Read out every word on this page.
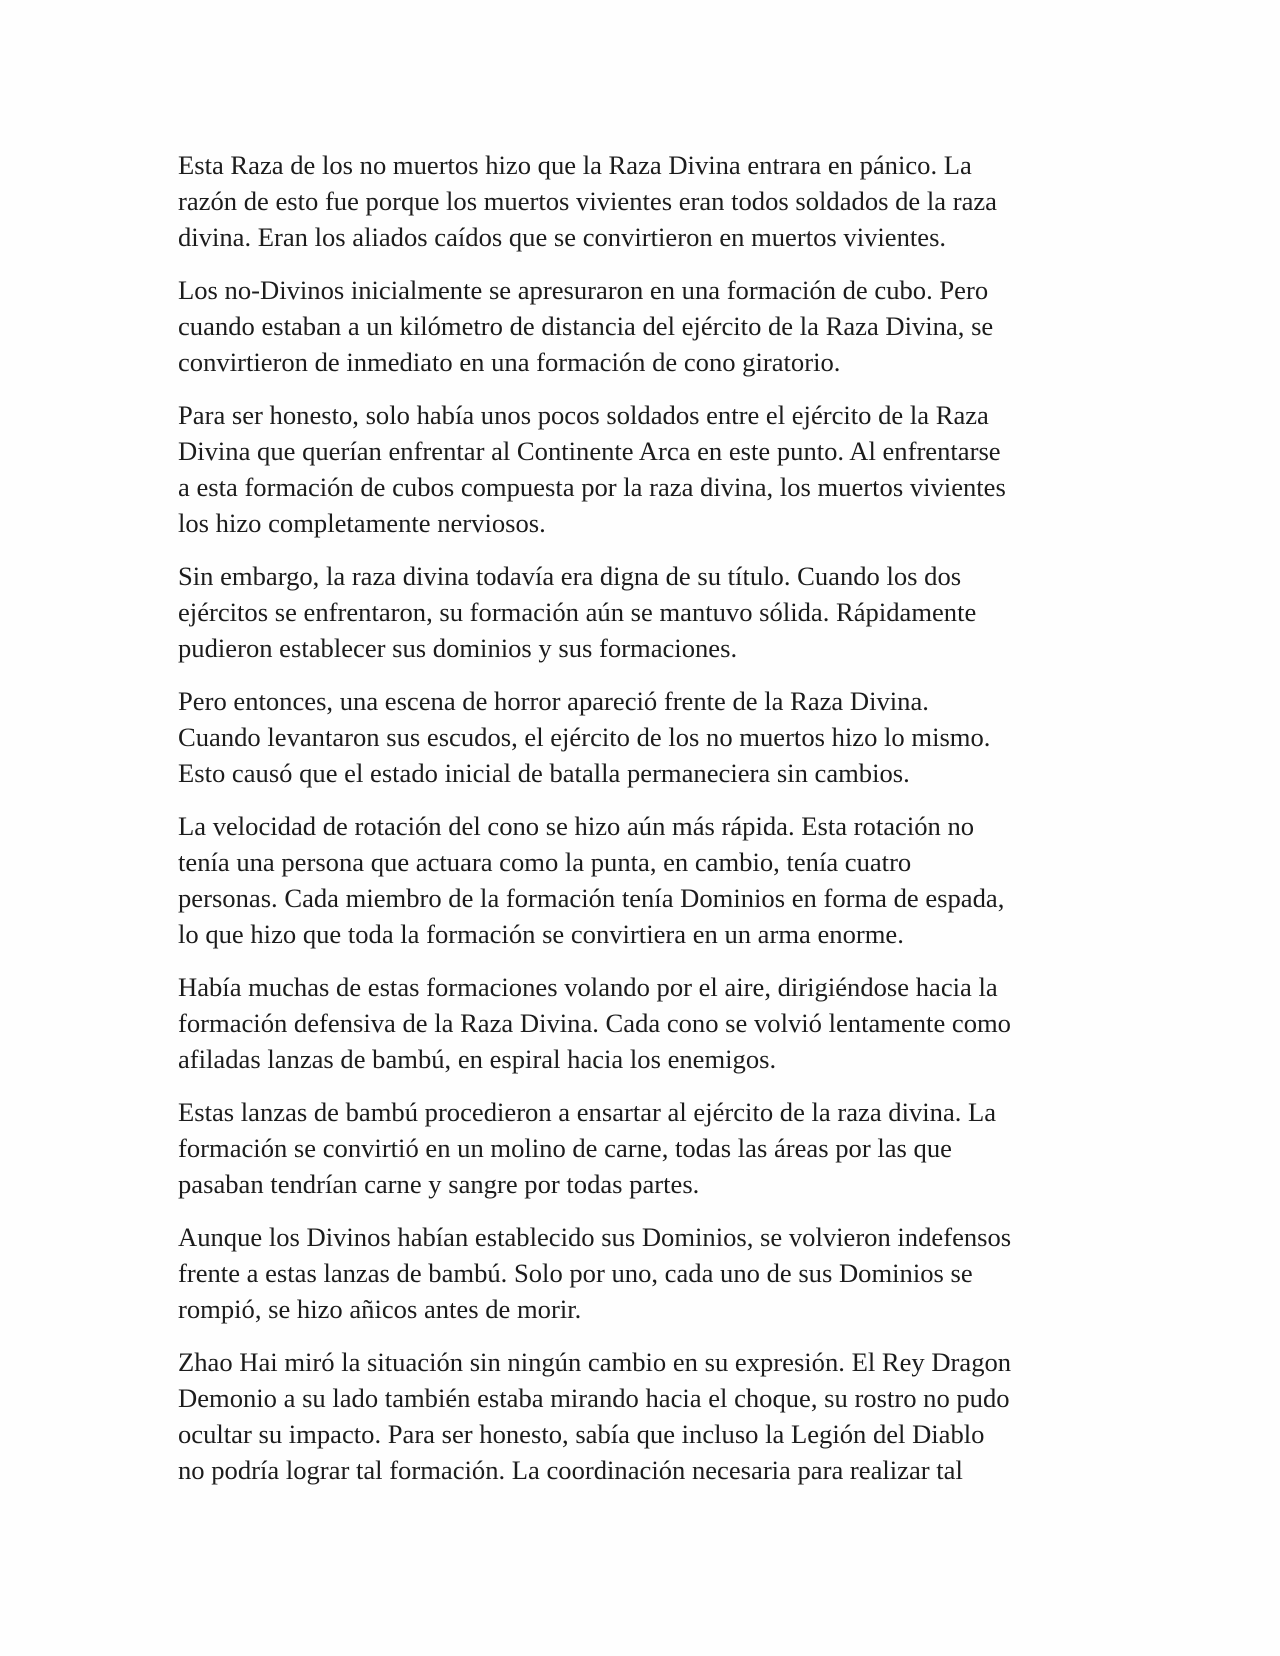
Esta Raza de los no muertos hizo que la Raza Divina entrara en pánico. La
razón de esto fue porque los muertos vivientes eran todos soldados de la raza
divina. Eran los aliados caídos que se convirtieron en muertos vivientes.

Los no-Divinos inicialmente se apresuraron en una formación de cubo. Pero
cuando estaban a un kilómetro de distancia del ejército de la Raza Divina, se
convirtieron de inmediato en una formación de cono giratorio.

Para ser honesto, solo había unos pocos soldados entre el ejército de la Raza
Divina que querían enfrentar al Continente Arca en este punto. Al enfrentarse
a esta formación de cubos compuesta por la raza divina, los muertos vivientes
los hizo completamente nerviosos.

Sin embargo, la raza divina todavía era digna de su título. Cuando los dos
ejércitos se enfrentaron, su formación aún se mantuvo sólida. Rápidamente
pudieron establecer sus dominios y sus formaciones.

Pero entonces, una escena de horror apareció frente de la Raza Divina.
Cuando levantaron sus escudos, el ejército de los no muertos hizo lo mismo.
Esto causó que el estado inicial de batalla permaneciera sin cambios.

La velocidad de rotación del cono se hizo aún más rápida. Esta rotación no
tenía una persona que actuara como la punta, en cambio, tenía cuatro
personas. Cada miembro de la formación tenía Dominios en forma de espada,
lo que hizo que toda la formación se convirtiera en un arma enorme.

Había muchas de estas formaciones volando por el aire, dirigiéndose hacia la
formación defensiva de la Raza Divina. Cada cono se volvió lentamente como
afiladas lanzas de bambú, en espiral hacia los enemigos.

Estas lanzas de bambú procedieron a ensartar al ejército de la raza divina. La
formación se convirtió en un molino de carne, todas las áreas por las que
pasaban tendrían carne y sangre por todas partes.

Aunque los Divinos habían establecido sus Dominios, se volvieron indefensos
frente a estas lanzas de bambú. Solo por uno, cada uno de sus Dominios se
rompió, se hizo añicos antes de morir.

Zhao Hai miró la situación sin ningún cambio en su expresión. El Rey Dragon
Demonio a su lado también estaba mirando hacia el choque, su rostro no pudo
ocultar su impacto. Para ser honesto, sabía que incluso la Legión del Diablo
no podría lograr tal formación. La coordinación necesaria para realizar tal
